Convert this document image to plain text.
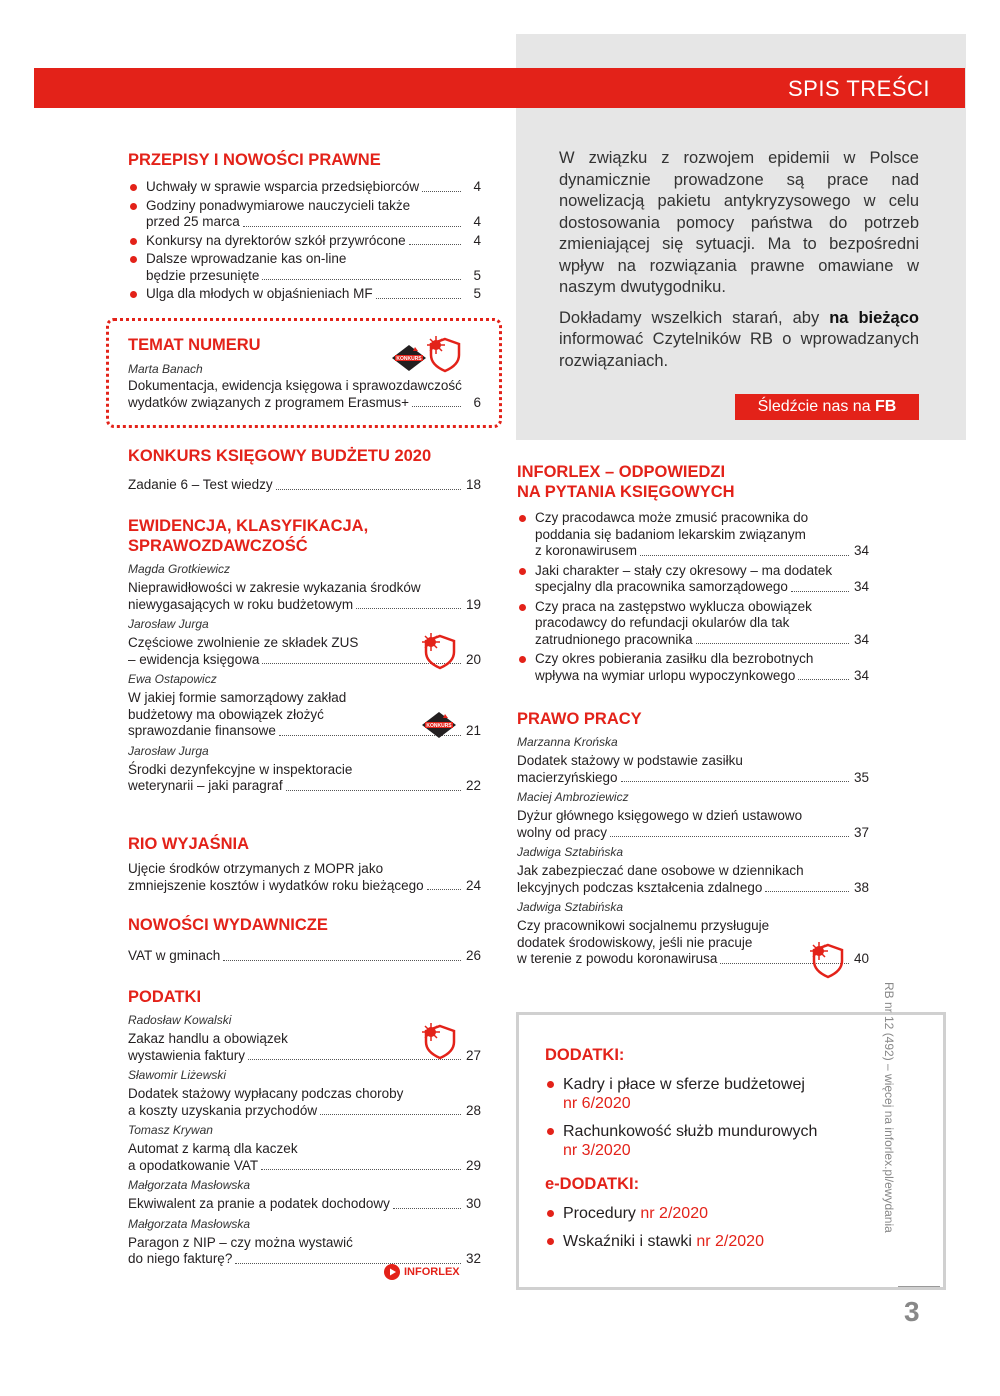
SPIS TREŚCI

W związku z rozwojem epidemii w Polsce dynamicznie prowadzone są prace nad nowelizacją pakietu antykryzysowego w celu dostosowania pomocy państwa do potrzeb zmieniającej się sytuacji. Ma to bezpośredni wpływ na rozwiązania prawne omawiane w naszym dwutygodniku.

Dokładamy wszelkich starań, aby na bieżąco informować Czytelników RB o wprowadzanych rozwiązaniach.

Śledźcie nas na FB
PRZEPISY I NOWOŚCI PRAWNE
Uchwały w sprawie wsparcia przedsiębiorców	4
Godziny ponadwymiarowe nauczycieli także
przed 25 marca	4
Konkursy na dyrektorów szkół przywrócone	4
Dalsze wprowadzanie kas on-line
będzie przesunięte	5
Ulga dla młodych w objaśnieniach MF	5
TEMAT NUMERU
Marta Banach
Dokumentacja, ewidencja księgowa i sprawozdawczość
wydatków związanych z programem Erasmus+	6
KONKURS
KONKURS KSIĘGOWY BUDŻETU 2020
Zadanie 6 – Test wiedzy	18
EWIDENCJA, KLASYFIKACJA,
SPRAWOZDAWCZOŚĆ
Magda Grotkiewicz
Nieprawidłowości w zakresie wykazania środków
niewygasających w roku budżetowym	19
Jarosław Jurga
Częściowe zwolnienie ze składek ZUS
– ewidencja księgowa	20
Ewa Ostapowicz
W jakiej formie samorządowy zakład
budżetowy ma obowiązek złożyć
sprawozdanie finansowe	21
Jarosław Jurga
Środki dezynfekcyjne w inspektoracie
weterynarii – jaki paragraf	22
KONKURS
RIO WYJAŚNIA
Ujęcie środków otrzymanych z MOPR jako
zmniejszenie kosztów i wydatków roku bieżącego	24
NOWOŚCI WYDAWNICZE
VAT w gminach	26
PODATKI
Radosław Kowalski
Zakaz handlu a obowiązek
wystawienia faktury	27
Sławomir Liżewski
Dodatek stażowy wypłacany podczas choroby
a koszty uzyskania przychodów	28
Tomasz Krywan
Automat z karmą dla kaczek
a opodatkowanie VAT	29
Małgorzata Masłowska
Ekwiwalent za pranie a podatek dochodowy	30
Małgorzata Masłowska
Paragon z NIP – czy można wystawić
do niego fakturę?	32
INFORLEX
INFORLEX – ODPOWIEDZI
NA PYTANIA KSIĘGOWYCH
Czy pracodawca może zmusić pracownika do
poddania się badaniom lekarskim związanym
z koronawirusem	34
Jaki charakter – stały czy okresowy – ma dodatek
specjalny dla pracownika samorządowego	34
Czy praca na zastępstwo wyklucza obowiązek
pracodawcy do refundacji okularów dla tak
zatrudnionego pracownika	34
Czy okres pobierania zasiłku dla bezrobotnych
wpływa na wymiar urlopu wypoczynkowego	34
PRAWO PRACY
Marzanna Krońska
Dodatek stażowy w podstawie zasiłku
macierzyńskiego	35
Maciej Ambroziewicz
Dyżur głównego księgowego w dzień ustawowo
wolny od pracy	37
Jadwiga Sztabińska
Jak zabezpieczać dane osobowe w dziennikach
lekcyjnych podczas kształcenia zdalnego	38
Jadwiga Sztabińska
Czy pracownikowi socjalnemu przysługuje
dodatek środowiskowy, jeśli nie pracuje
w terenie z powodu koronawirusa	40
DODATKI:
Kadry i płace w sferze budżetowej
nr 6/2020
Rachunkowość służb mundurowych
nr 3/2020
e-DODATKI:
Procedury nr 2/2020
Wskaźniki i stawki nr 2/2020
RB nr 12 (492) – więcej na inforlex.pl/ewydania
3
